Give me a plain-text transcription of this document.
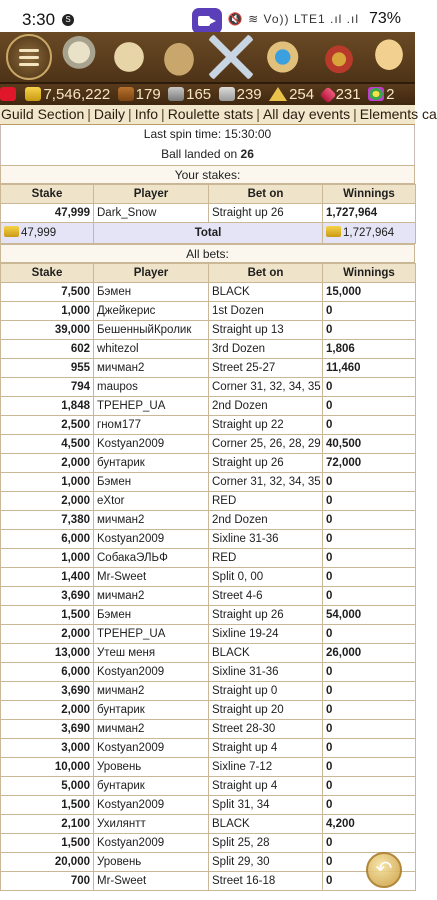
3:30	S	🔇 ≋ Vo)) LTE1 .ıl .ıl 73%
7,546,222 179 165 239 254 231 2
Guild Section | Daily | Info | Roulette stats | All day events | Elements ca
Last spin time: 15:30:00
Ball landed on 26
Your stakes:
Stake	Player	Bet on	Winnings
47,999	Dark_Snow	Straight up 26	1,727,964
47,999	Total		1,727,964
All bets:
Stake	Player	Bet on	Winnings
7,500	Бэмен	BLACK	15,000
1,000	Джейкерис	1st Dozen	0
39,000	БешенныйКролик	Straight up 13	0
602	whitezol	3rd Dozen	1,806
955	мичман2	Street 25-27	11,460
794	maupos	Corner 31, 32, 34, 35	0
1,848	ТРЕНЕР_UA	2nd Dozen	0
2,500	гном177	Straight up 22	0
4,500	Kostyan2009	Corner 25, 26, 28, 29	40,500
2,000	бунтарик	Straight up 26	72,000
1,000	Бэмен	Corner 31, 32, 34, 35	0
2,000	eXtor	RED	0
7,380	мичман2	2nd Dozen	0
6,000	Kostyan2009	Sixline 31-36	0
1,000	СобакаЭЛЬФ	RED	0
1,400	Mr-Sweet	Split 0, 00	0
3,690	мичман2	Street 4-6	0
1,500	Бэмен	Straight up 26	54,000
2,000	ТРЕНЕР_UA	Sixline 19-24	0
13,000	Утеш меня	BLACK	26,000
6,000	Kostyan2009	Sixline 31-36	0
3,690	мичман2	Straight up 0	0
2,000	бунтарик	Straight up 20	0
3,690	мичман2	Street 28-30	0
3,000	Kostyan2009	Straight up 4	0
10,000	Уровень	Sixline 7-12	0
5,000	бунтарик	Straight up 4	0
1,500	Kostyan2009	Split 31, 34	0
2,100	Ухилянтт	BLACK	4,200
1,500	Kostyan2009	Split 25, 28	0
20,000	Уровень	Split 29, 30	0
700	Mr-Sweet	Street 16-18	0
↶
